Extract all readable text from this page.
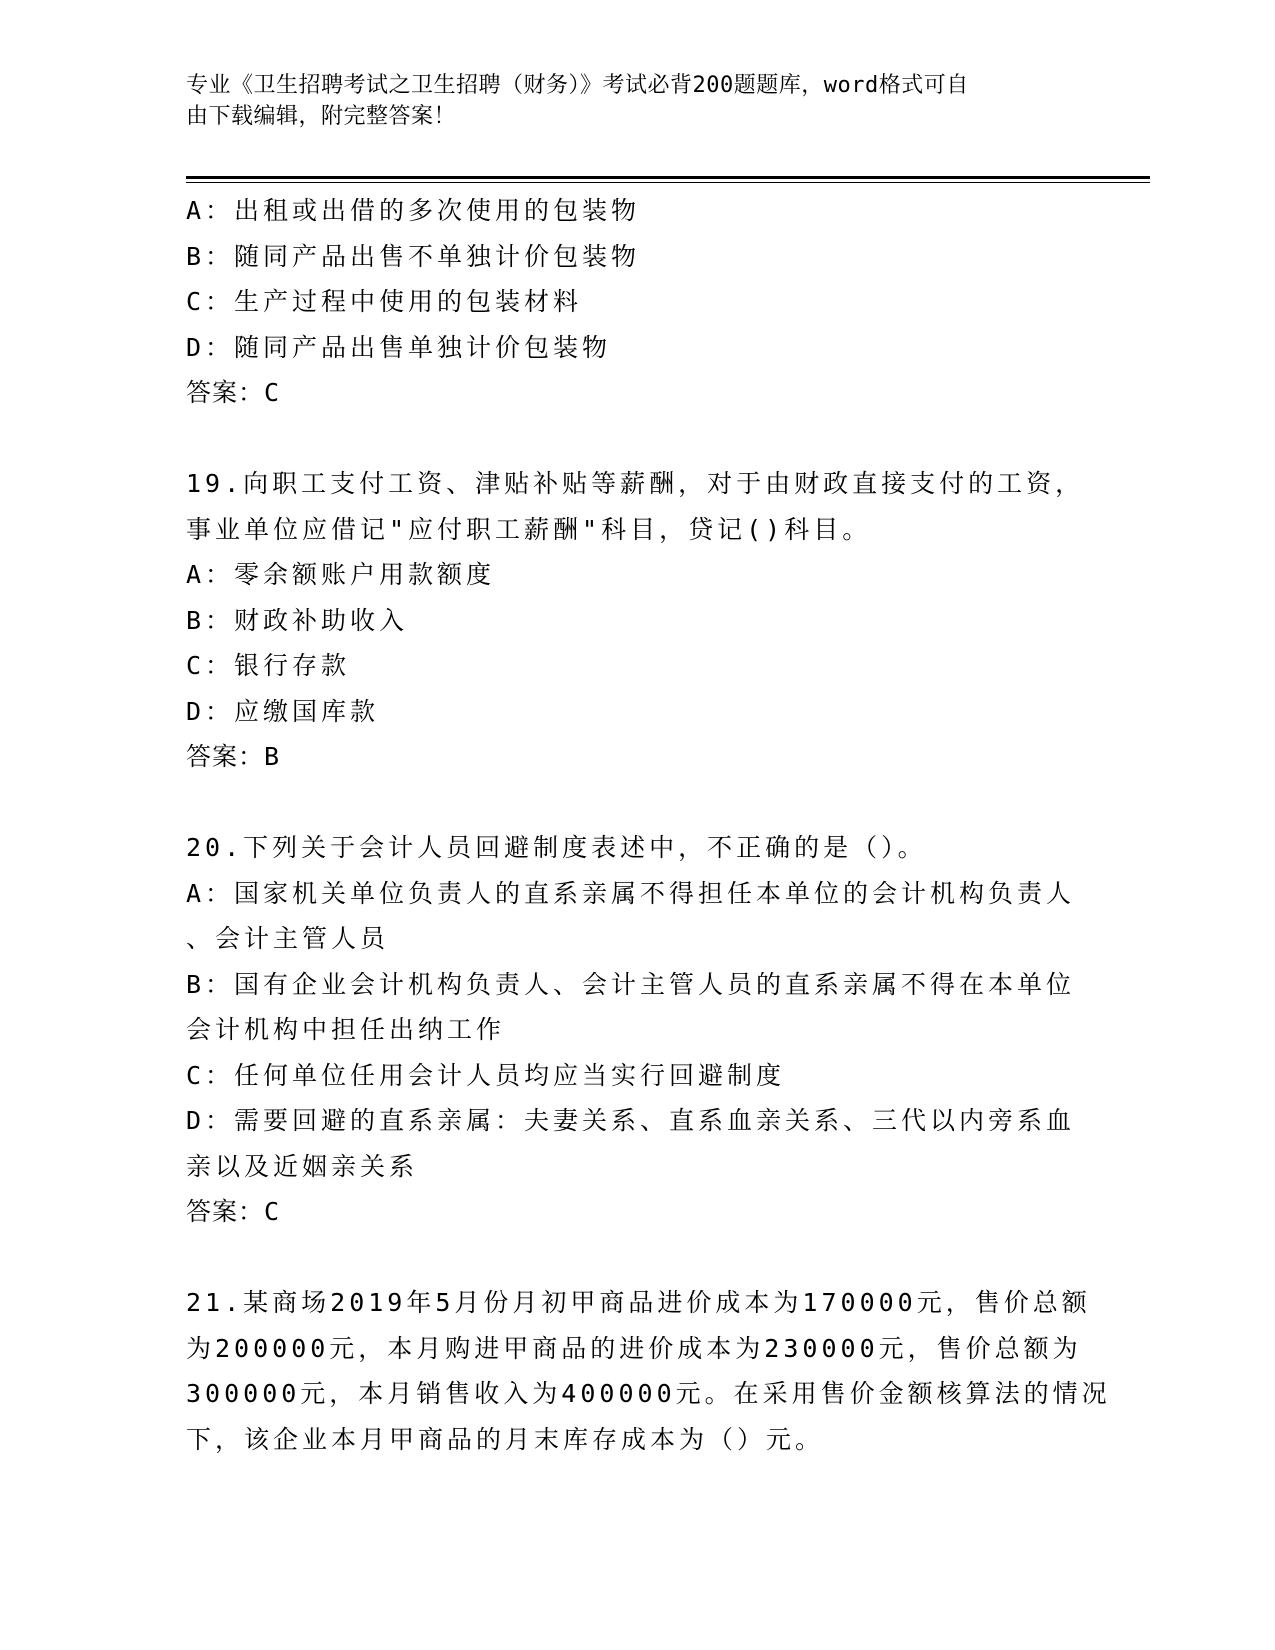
专业《卫生招聘考试之卫生招聘（财务）》考试必背200题题库，word格式可自
由下载编辑，附完整答案！
A：出租或出借的多次使用的包装物
B：随同产品出售不单独计价包装物
C：生产过程中使用的包装材料
D：随同产品出售单独计价包装物
答案：C
19.向职工支付工资、津贴补贴等薪酬，对于由财政直接支付的工资，
事业单位应借记"应付职工薪酬"科目，贷记()科目。
A：零余额账户用款额度
B：财政补助收入
C：银行存款
D：应缴国库款
答案：B
20.下列关于会计人员回避制度表述中，不正确的是（）。
A：国家机关单位负责人的直系亲属不得担任本单位的会计机构负责人
、会计主管人员
B：国有企业会计机构负责人、会计主管人员的直系亲属不得在本单位
会计机构中担任出纳工作
C：任何单位任用会计人员均应当实行回避制度
D：需要回避的直系亲属：夫妻关系、直系血亲关系、三代以内旁系血
亲以及近姻亲关系
答案：C
21.某商场2019年5月份月初甲商品进价成本为170000元，售价总额
为200000元，本月购进甲商品的进价成本为230000元，售价总额为
300000元，本月销售收入为400000元。在采用售价金额核算法的情况
下，该企业本月甲商品的月末库存成本为（）元。
